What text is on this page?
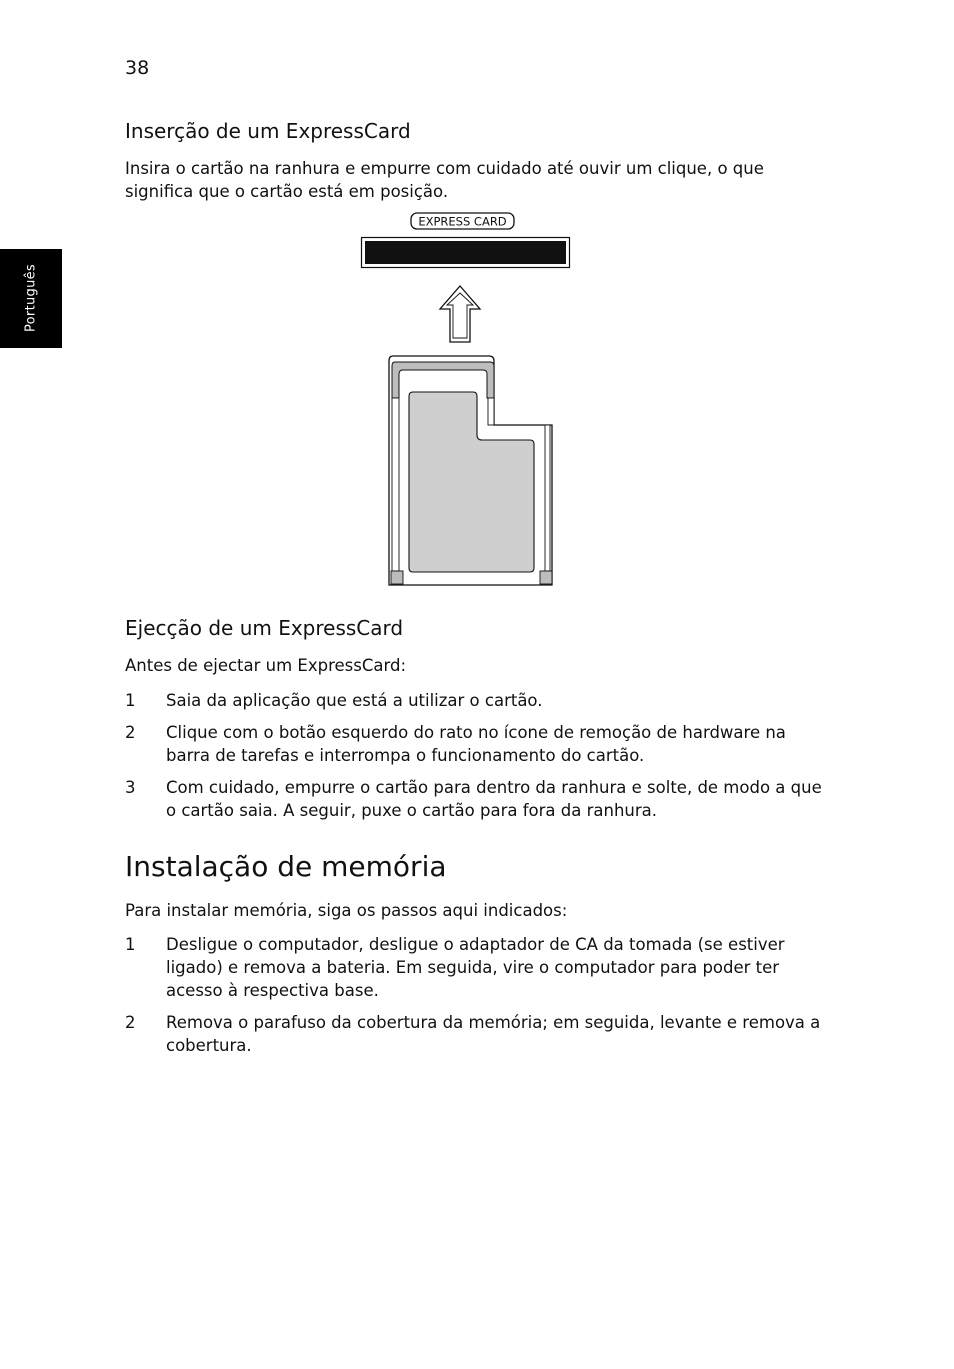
38
Português
Inserção de um ExpressCard

Insira o cartão na ranhura e empurre com cuidado até ouvir um clique, o que significa que o cartão está em posição.

EXPRESS CARD
Ejecção de um ExpressCard

Antes de ejectar um ExpressCard:

1 Saia da aplicação que está a utilizar o cartão.
2 Clique com o botão esquerdo do rato no ícone de remoção de hardware na barra de tarefas e interrompa o funcionamento do cartão.
3 Com cuidado, empurre o cartão para dentro da ranhura e solte, de modo a que o cartão saia. A seguir, puxe o cartão para fora da ranhura.
Instalação de memória

Para instalar memória, siga os passos aqui indicados:

1 Desligue o computador, desligue o adaptador de CA da tomada (se estiver ligado) e remova a bateria. Em seguida, vire o computador para poder ter acesso à respectiva base.
2 Remova o parafuso da cobertura da memória; em seguida, levante e remova a cobertura.
